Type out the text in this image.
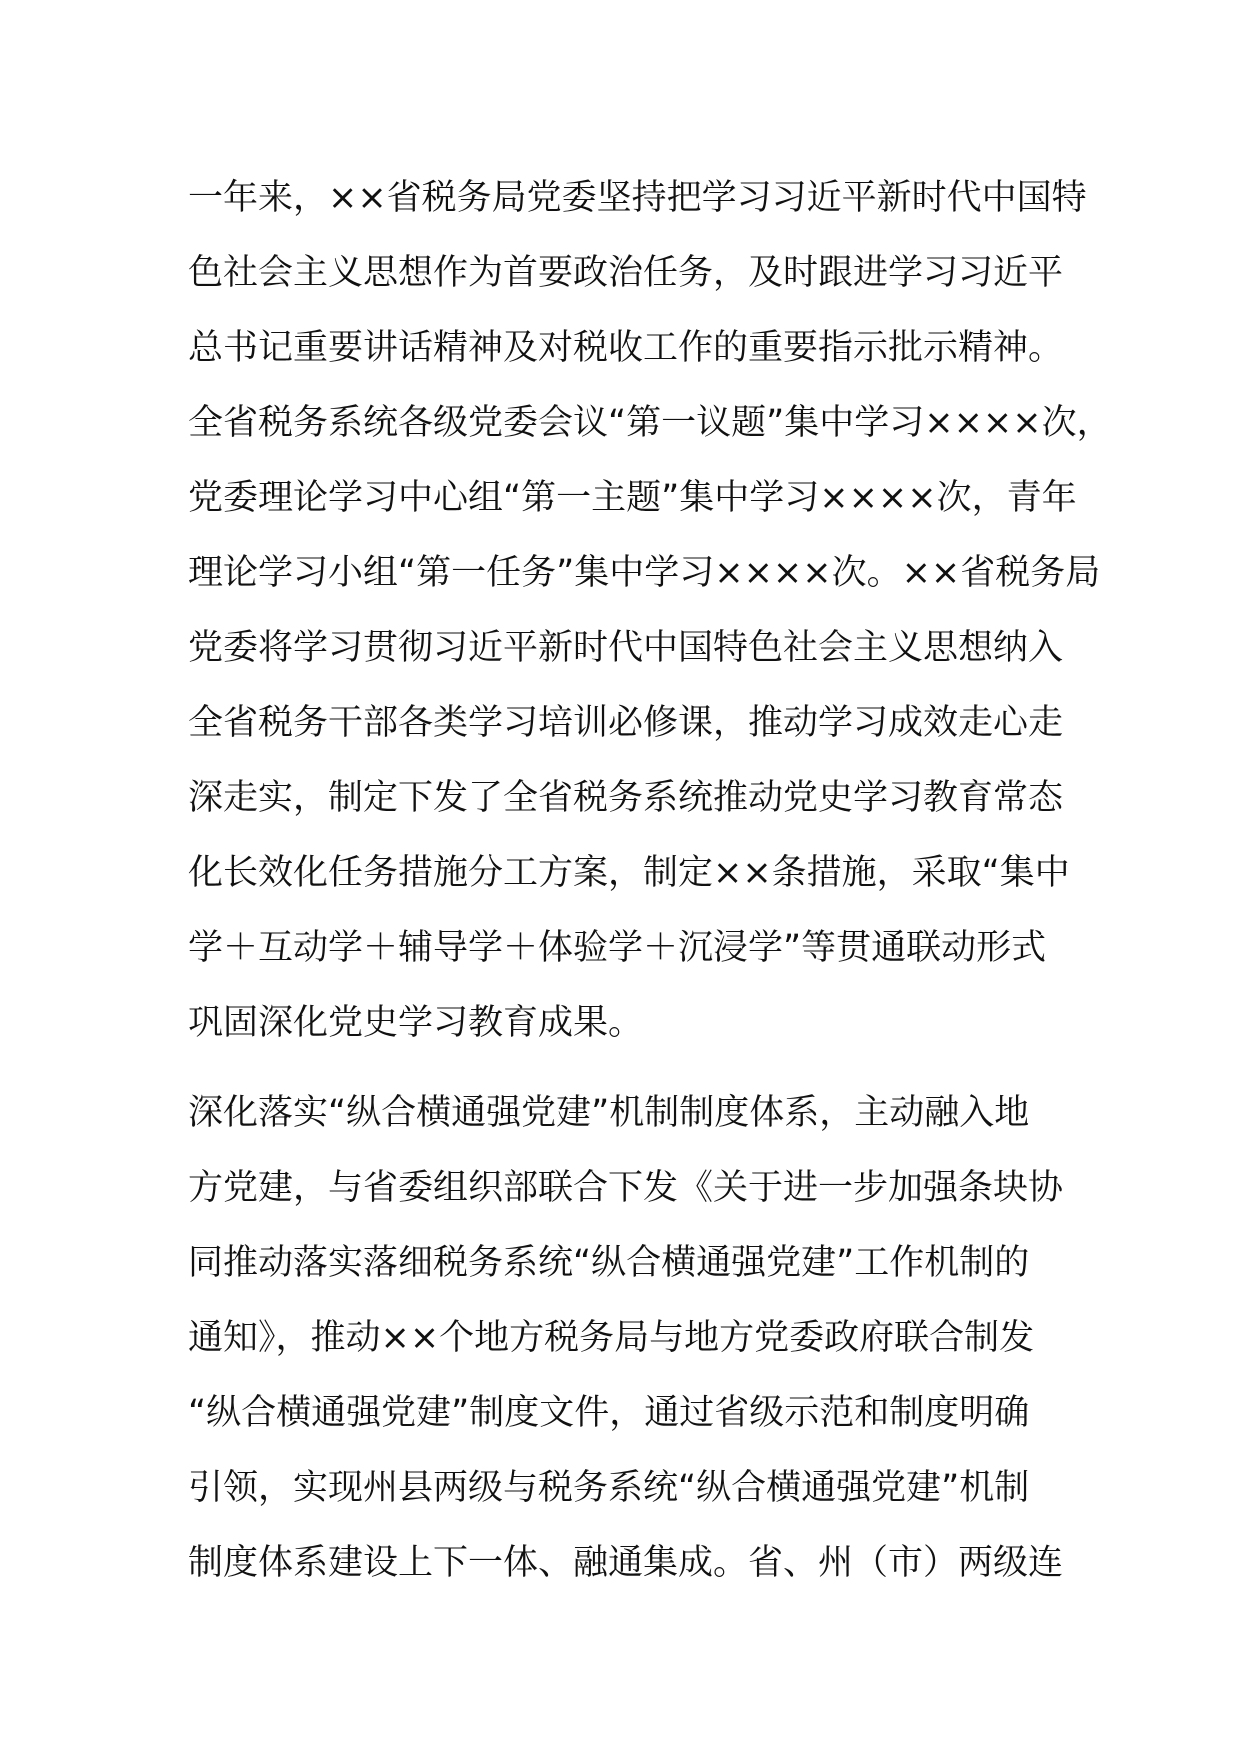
一年来，××省税务局党委坚持把学习习近平新时代中国特
色社会主义思想作为首要政治任务，及时跟进学习习近平
总书记重要讲话精神及对税收工作的重要指示批示精神。
全省税务系统各级党委会议“第一议题”集中学习××××次，
党委理论学习中心组“第一主题”集中学习××××次，青年
理论学习小组“第一任务”集中学习××××次。××省税务局
党委将学习贯彻习近平新时代中国特色社会主义思想纳入
全省税务干部各类学习培训必修课，推动学习成效走心走
深走实，制定下发了全省税务系统推动党史学习教育常态
化长效化任务措施分工方案，制定××条措施，采取“集中
学＋互动学＋辅导学＋体验学＋沉浸学”等贯通联动形式
巩固深化党史学习教育成果。
深化落实“纵合横通强党建”机制制度体系，主动融入地
方党建，与省委组织部联合下发《关于进一步加强条块协
同推动落实落细税务系统“纵合横通强党建”工作机制的
通知》，推动××个地方税务局与地方党委政府联合制发
“纵合横通强党建”制度文件，通过省级示范和制度明确
引领，实现州县两级与税务系统“纵合横通强党建”机制
制度体系建设上下一体、融通集成。省、州（市）两级连
